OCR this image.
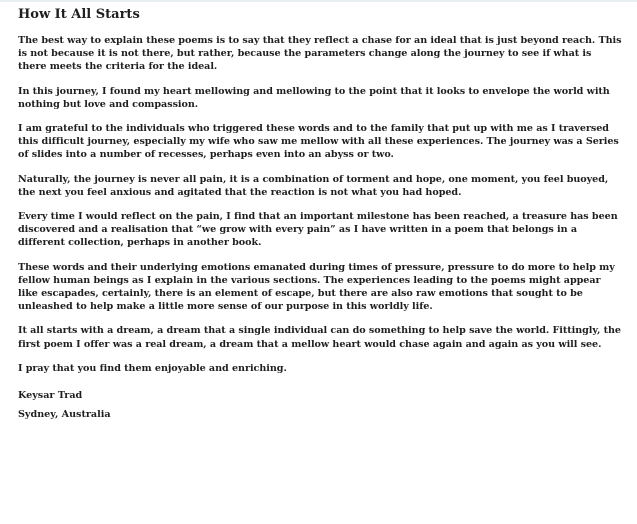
How It All Starts

The best way to explain these poems is to say that they reflect a chase for an ideal that is just beyond reach. This is not because it is not there, but rather, because the parameters change along the journey to see if what is there meets the criteria for the ideal.

In this journey, I found my heart mellowing and mellowing to the point that it looks to envelope the world with nothing but love and compassion.

I am grateful to the individuals who triggered these words and to the family that put up with me as I traversed this difficult journey, especially my wife who saw me mellow with all these experiences. The journey was a Series of slides into a number of recesses, perhaps even into an abyss or two.

Naturally, the journey is never all pain, it is a combination of torment and hope, one moment, you feel buoyed, the next you feel anxious and agitated that the reaction is not what you had hoped.

Every time I would reflect on the pain, I find that an important milestone has been reached, a treasure has been discovered and a realisation that “we grow with every pain” as I have written in a poem that belongs in a different collection, perhaps in another book.

These words and their underlying emotions emanated during times of pressure, pressure to do more to help my fellow human beings as I explain in the various sections. The experiences leading to the poems might appear like escapades, certainly, there is an element of escape, but there are also raw emotions that sought to be unleashed to help make a little more sense of our purpose in this worldly life.

It all starts with a dream, a dream that a single individual can do something to help save the world. Fittingly, the first poem I offer was a real dream, a dream that a mellow heart would chase again and again as you will see.

I pray that you find them enjoyable and enriching.

Keysar Trad

Sydney, Australia
